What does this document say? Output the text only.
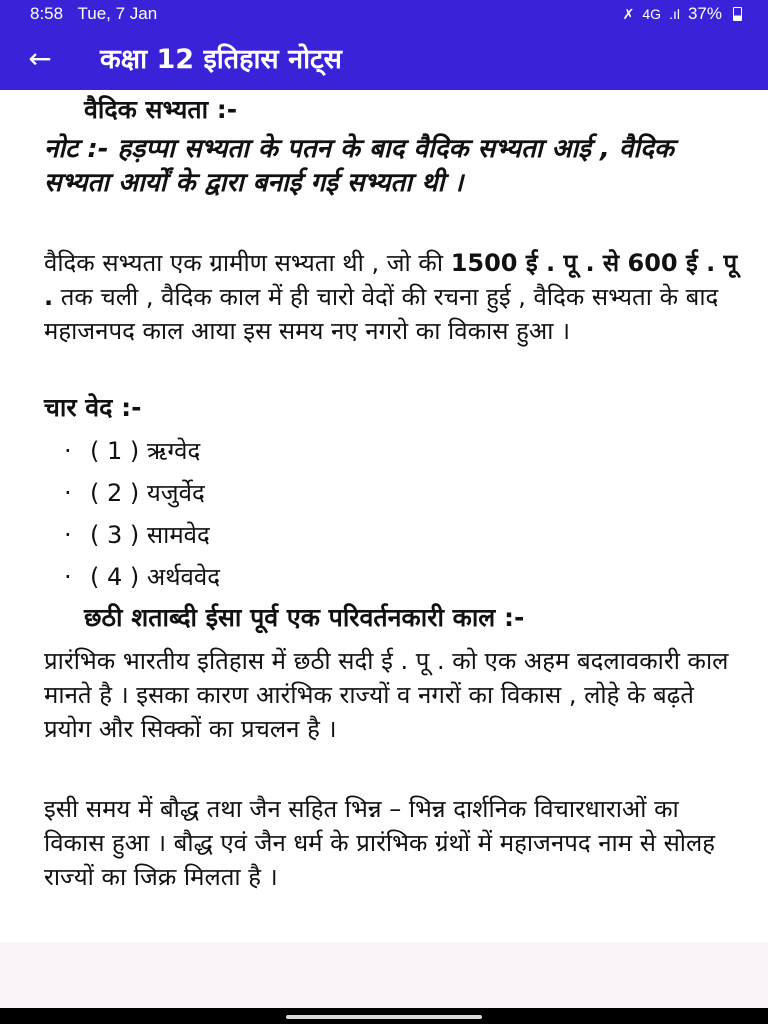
8:58 Tue, 7 Jan	✗ 4G .ıl 37%
←	कक्षा 12 इतिहास नोट्स

वैदिक सभ्यता :-

नोट :- हड़प्पा सभ्यता के पतन के बाद वैदिक सभ्यता आई , वैदिक सभ्यता आर्यों के द्वारा बनाई गई सभ्यता थी ।

वैदिक सभ्यता एक ग्रामीण सभ्यता थी , जो की 1500 ई . पू . से 600 ई . पू . तक चली , वैदिक काल में ही चारो वेदों की रचना हुई , वैदिक सभ्यता के बाद महाजनपद काल आया इस समय नए नगरो का विकास हुआ ।

चार वेद :-

· ( 1 ) ऋग्वेद
· ( 2 ) यजुर्वेद
· ( 3 ) सामवेद
· ( 4 ) अर्थववेद

छठी शताब्दी ईसा पूर्व एक परिवर्तनकारी काल :-

प्रारंभिक भारतीय इतिहास में छठी सदी ई . पू . को एक अहम बदलावकारी काल मानते है । इसका कारण आरंभिक राज्यों व नगरों का विकास , लोहे के बढ़ते प्रयोग और सिक्कों का प्रचलन है ।

इसी समय में बौद्ध तथा जैन सहित भिन्न – भिन्न दार्शनिक विचारधाराओं का विकास हुआ । बौद्ध एवं जैन धर्म के प्रारंभिक ग्रंथों में महाजनपद नाम से सोलह राज्यों का जिक्र मिलता है ।
